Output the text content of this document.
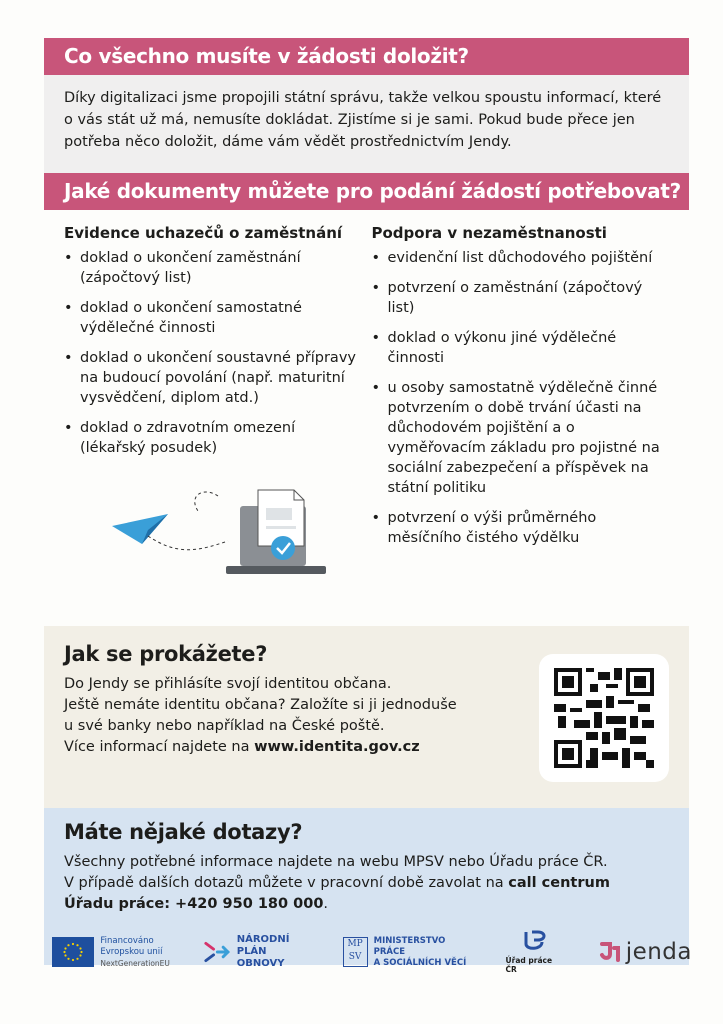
Co všechno musíte v žádosti doložit?
Díky digitalizaci jsme propojili státní správu, takže velkou spoustu informací, které o vás stát už má, nemusíte dokládat. Zjistíme si je sami. Pokud bude přece jen potřeba něco doložit, dáme vám vědět prostřednictvím Jendy.
Jaké dokumenty můžete pro podání žádostí potřebovat?
Evidence uchazečů o zaměstnání
• doklad o ukončení zaměstnání (zápočtový list)
• doklad o ukončení samostatné výdělečné činnosti
• doklad o ukončení soustavné přípravy na budoucí povolání (např. maturitní vysvědčení, diplom atd.)
• doklad o zdravotním omezení (lékařský posudek)
Podpora v nezaměstnanosti
• evidenční list důchodového pojištění
• potvrzení o zaměstnání (zápočtový list)
• doklad o výkonu jiné výdělečné činnosti
• u osoby samostatně výdělečně činné potvrzením o době trvání účasti na důchodovém pojištění a o vyměřovacím základu pro pojistné na sociální zabezpečení a příspěvek na státní politiku
• potvrzení o výši průměrného měsíčního čistého výdělku
Jak se prokážete?

Do Jendy se přihlásíte svojí identitou občana.

Ještě nemáte identitu občana? Založíte si ji jednoduše

u své banky nebo například na České poště.

Více informací najdete na www.identita.gov.cz

Máte nějaké dotazy?

Všechny potřebné informace najdete na webu MPSV nebo Úřadu práce ČR.

V případě dalších dotazů můžete v pracovní době zavolat na call centrum

Úřadu práce: +420 950 180 000.

Financováno
Evropskou unií
NextGenerationEU
NÁRODNÍ
PLÁN OBNOVY
MP
SV
MINISTERSTVO PRÁCE
A SOCIÁLNÍCH VĚCÍ	Úřad práce ČR
jenda
